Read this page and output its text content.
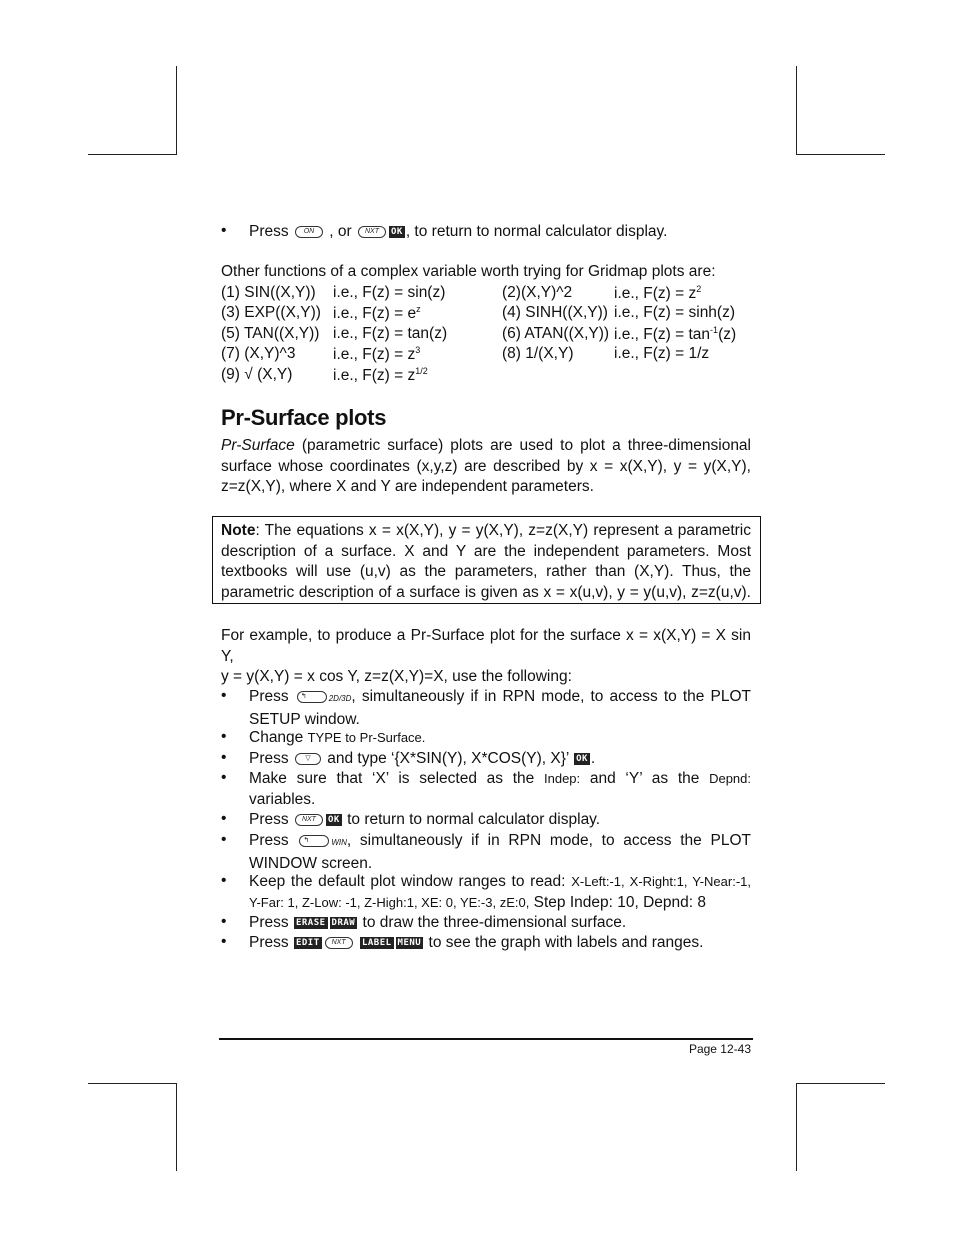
• Press ON , or NXT OK , to return to normal calculator display.
Other functions of a complex variable worth trying for Gridmap plots are:
(1) SIN((X,Y)) i.e., F(z) = sin(z)	(2)(X,Y)^2	i.e., $F(z) = z^2$
(3) EXP((X,Y)) i.e., $F(z) = e^z$	(4) SINH((X,Y)) i.e., F(z) = sinh(z)
(5) TAN((X,Y)) i.e., F(z) = tan(z)	(6) ATAN((X,Y)) i.e., $F(z) = \tan^{-1}(z)$
(7) (X,Y)^3 i.e., $F(z) = z^3$	(8) 1/(X,Y)	i.e., F(z) = 1/z
(9) √ (X,Y)	i.e., $F(z) = z^{1/2}$
Pr-Surface plots
Pr-Surface (parametric surface) plots are used to plot a three-dimensional
surface whose coordinates (x,y,z) are described by x = x(X,Y), y = y(X,Y),
z=z(X,Y), where X and Y are independent parameters.
Note: The equations x = x(X,Y), y = y(X,Y), z=z(X,Y) represent a parametric
description of a surface. X and Y are the independent parameters. Most
textbooks will use (u,v) as the parameters, rather than (X,Y). Thus, the
parametric description of a surface is given as x = x(u,v), y = y(u,v), z=z(u,v).
For example, to produce a Pr-Surface plot for the surface x = x(X,Y) = X sin Y,
y = y(X,Y) = x cos Y, z=z(X,Y)=X, use the following:
• Press ↰	2D/3D, simultaneously if in RPN mode, to access to the PLOT
SETUP window.
• Change TYPE to Pr-Surface.
• Press ▽ and type ‘{X*SIN(Y), X*COS(Y), X}’ OK .
• Make sure that ‘X’ is selected as the Indep: and ‘Y’ as the Depnd:
variables.
• Press NXT OK to return to normal calculator display.
• Press ↰	WIN, simultaneously if in RPN mode, to access the PLOT
WINDOW screen.
• Keep the default plot window ranges to read: X-Left:-1, X-Right:1, Y-Near:-1,
Y-Far: 1, Z-Low: -1, Z-High:1, XE: 0, YE:-3, zE:0, Step Indep: 10, Depnd: 8
• Press ERASE DRAW to draw the three-dimensional surface.
• Press EDIT NXT LABEL MENU to see the graph with labels and ranges.
Page 12-43
